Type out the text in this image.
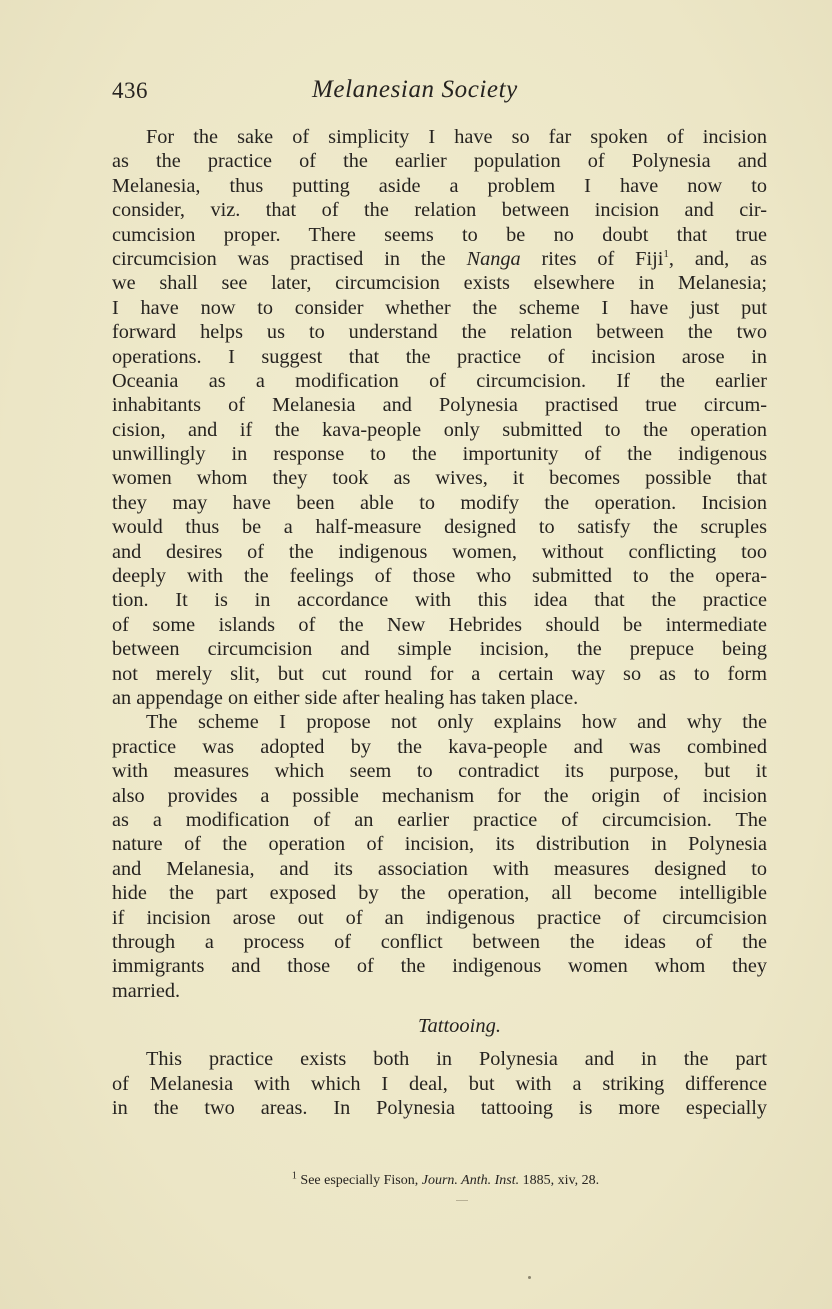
436	Melanesian Society
For the sake of simplicity I have so far spoken of incision
as the practice of the earlier population of Polynesia and
Melanesia, thus putting aside a problem I have now to
consider, viz. that of the relation between incision and cir-
cumcision proper. There seems to be no doubt that true
circumcision was practised in the Nanga rites of Fiji$^1$, and, as
we shall see later, circumcision exists elsewhere in Melanesia;
I have now to consider whether the scheme I have just put
forward helps us to understand the relation between the two
operations. I suggest that the practice of incision arose in
Oceania as a modification of circumcision. If the earlier
inhabitants of Melanesia and Polynesia practised true circum-
cision, and if the kava-people only submitted to the operation
unwillingly in response to the importunity of the indigenous
women whom they took as wives, it becomes possible that
they may have been able to modify the operation. Incision
would thus be a half-measure designed to satisfy the scruples
and desires of the indigenous women, without conflicting too
deeply with the feelings of those who submitted to the opera-
tion. It is in accordance with this idea that the practice
of some islands of the New Hebrides should be intermediate
between circumcision and simple incision, the prepuce being
not merely slit, but cut round for a certain way so as to form
an appendage on either side after healing has taken place.
The scheme I propose not only explains how and why the
practice was adopted by the kava-people and was combined
with measures which seem to contradict its purpose, but it
also provides a possible mechanism for the origin of incision
as a modification of an earlier practice of circumcision. The
nature of the operation of incision, its distribution in Polynesia
and Melanesia, and its association with measures designed to
hide the part exposed by the operation, all become intelligible
if incision arose out of an indigenous practice of circumcision
through a process of conflict between the ideas of the
immigrants and those of the indigenous women whom they
married.
Tattooing.
This practice exists both in Polynesia and in the part
of Melanesia with which I deal, but with a striking difference
in the two areas. In Polynesia tattooing is more especially
$^1$ See especially Fison, Journ. Anth. Inst. 1885, xiv, 28.
